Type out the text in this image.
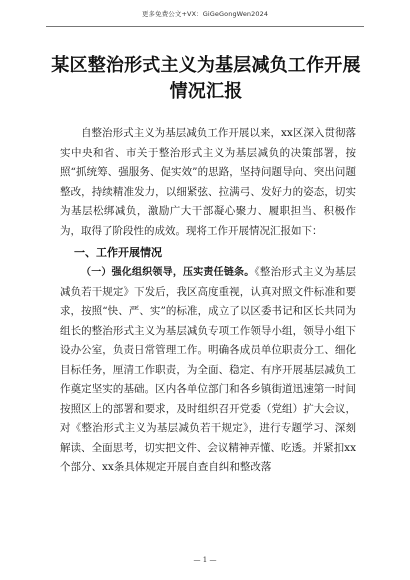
更多免费公文+VX：GiGeGongWen2024
某区整治形式主义为基层减负工作开展情况汇报

自整治形式主义为基层减负工作开展以来，xx区深入贯彻落实中央和省、市关于整治形式主义为基层减负的决策部署，按照“抓统筹、强服务、促实效”的思路，坚持问题导向、突出问题整改，持续精准发力，以细紧弦、拉满弓、发好力的姿态，切实为基层松绑减负，激励广大干部凝心聚力、履职担当、积极作为，取得了阶段性的成效。现将工作开展情况汇报如下：

一、工作开展情况

（一）强化组织领导，压实责任链条。《整治形式主义为基层减负若干规定》下发后，我区高度重视，认真对照文件标准和要求，按照“快、严、实”的标准，成立了以区委书记和区长共同为组长的整治形式主义为基层减负专项工作领导小组，领导小组下设办公室，负责日常管理工作。明确各成员单位职责分工、细化目标任务，厘清工作职责，为全面、稳定、有序开展基层减负工作奠定坚实的基础。区内各单位部门和各乡镇街道迅速第一时间按照区上的部署和要求，及时组织召开党委（党组）扩大会议，对《整治形式主义为基层减负若干规定》，进行专题学习、深刻解读、全面思考，切实把文件、会议精神弄懂、吃透。并紧扣xx个部分、xx条具体规定开展自查自纠和整改落

— 1 —
